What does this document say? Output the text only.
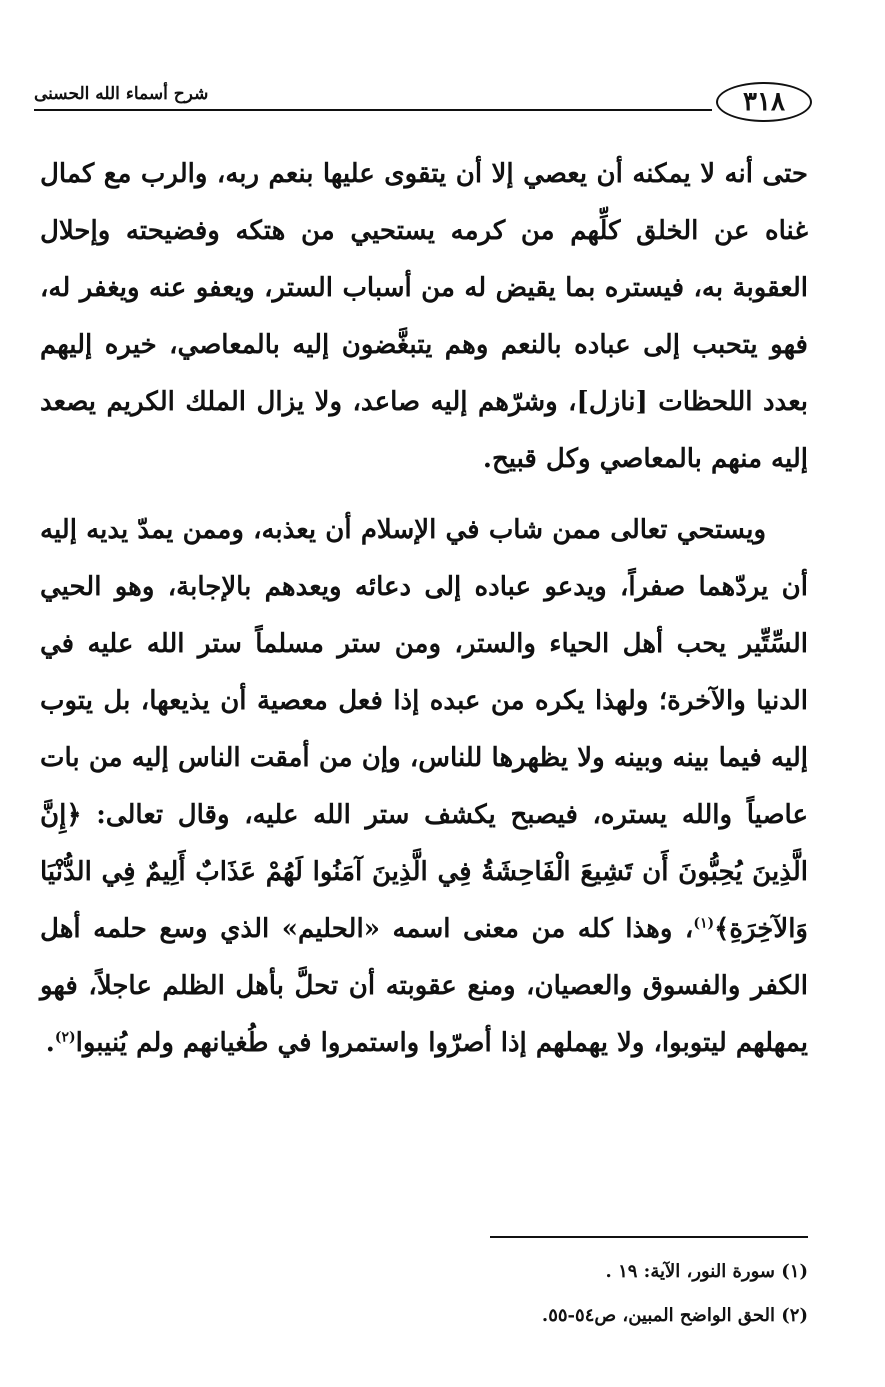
شرح أسماء الله الحسنى	٣١٨

حتى أنه لا يمكنه أن يعصي إلا أن يتقوى عليها بنعم ربه، والرب مع كمال غناه عن الخلق كلِّهم من كرمه يستحيي من هتكه وفضيحته وإحلال العقوبة به، فيستره بما يقيض له من أسباب الستر، ويعفو عنه ويغفر له، فهو يتحبب إلى عباده بالنعم وهم يتبغَّضون إليه بالمعاصي، خيره إليهم بعدد اللحظات [نازل]، وشرّهم إليه صاعد، ولا يزال الملك الكريم يصعد إليه منهم بالمعاصي وكل قبيح.

ويستحي تعالى ممن شاب في الإسلام أن يعذبه، وممن يمدّ يديه إليه أن يردّهما صفراً، ويدعو عباده إلى دعائه ويعدهم بالإجابة، وهو الحيي السِّتِّير يحب أهل الحياء والستر، ومن ستر مسلماً ستر الله عليه في الدنيا والآخرة؛ ولهذا يكره من عبده إذا فعل معصية أن يذيعها، بل يتوب إليه فيما بينه وبينه ولا يظهرها للناس، وإن من أمقت الناس إليه من بات عاصياً والله يستره، فيصبح يكشف ستر الله عليه، وقال تعالى: ﴿إِنَّ الَّذِينَ يُحِبُّونَ أَن تَشِيعَ الْفَاحِشَةُ فِي الَّذِينَ آمَنُوا لَهُمْ عَذَابٌ أَلِيمٌ فِي الدُّنْيَا وَالآخِرَةِ﴾$^{(١)}$، وهذا كله من معنى اسمه «الحليم» الذي وسع حلمه أهل الكفر والفسوق والعصيان، ومنع عقوبته أن تحلَّ بأهل الظلم عاجلاً، فهو يمهلهم ليتوبوا، ولا يهملهم إذا أصرّوا واستمروا في طُغيانهم ولم يُنيبوا$^{(٢)}$.

(١) سورة النور، الآية: ١٩ .
(٢) الحق الواضح المبين، ص٥٤-٥٥.
